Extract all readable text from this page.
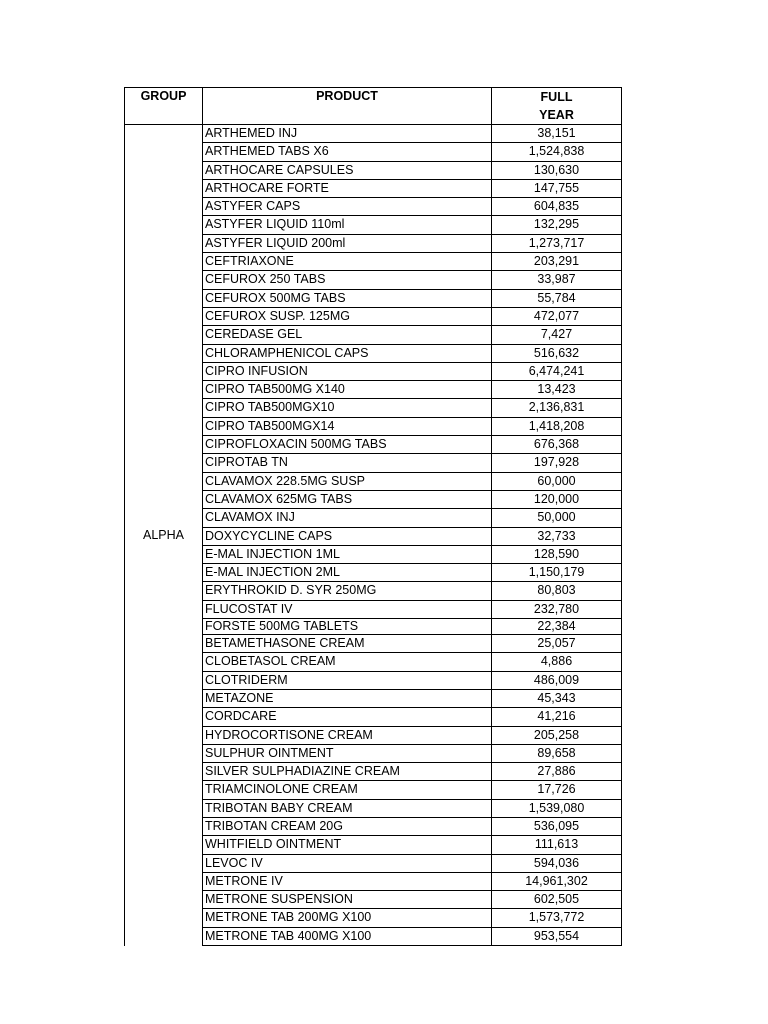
GROUP	PRODUCT	FULL
YEAR
ALPHA	ARTHEMED INJ	38,151
	ARTHEMED TABS X6	1,524,838
	ARTHOCARE CAPSULES	130,630
	ARTHOCARE FORTE	147,755
	ASTYFER CAPS	604,835
	ASTYFER LIQUID 110ml	132,295
	ASTYFER LIQUID 200ml	1,273,717
	CEFTRIAXONE	203,291
	CEFUROX 250 TABS	33,987
	CEFUROX 500MG TABS	55,784
	CEFUROX SUSP. 125MG	472,077
	CEREDASE GEL	7,427
	CHLORAMPHENICOL CAPS	516,632
	CIPRO INFUSION	6,474,241
	CIPRO TAB500MG X140	13,423
	CIPRO TAB500MGX10	2,136,831
	CIPRO TAB500MGX14	1,418,208
	CIPROFLOXACIN 500MG TABS	676,368
	CIPROTAB TN	197,928
	CLAVAMOX 228.5MG SUSP	60,000
	CLAVAMOX 625MG TABS	120,000
	CLAVAMOX INJ	50,000
	DOXYCYCLINE CAPS	32,733
	E-MAL INJECTION 1ML	128,590
	E-MAL INJECTION 2ML	1,150,179
	ERYTHROKID D. SYR 250MG	80,803
	FLUCOSTAT IV	232,780
	FORSTE 500MG TABLETS	22,384
	BETAMETHASONE CREAM	25,057
	CLOBETASOL CREAM	4,886
	CLOTRIDERM	486,009
	METAZONE	45,343
	CORDCARE	41,216
	HYDROCORTISONE CREAM	205,258
	SULPHUR OINTMENT	89,658
	SILVER SULPHADIAZINE CREAM	27,886
	TRIAMCINOLONE CREAM	17,726
	TRIBOTAN BABY CREAM	1,539,080
	TRIBOTAN CREAM 20G	536,095
	WHITFIELD OINTMENT	111,613
	LEVOC IV	594,036
	METRONE IV	14,961,302
	METRONE SUSPENSION	602,505
	METRONE TAB 200MG X100	1,573,772
	METRONE TAB 400MG X100	953,554
